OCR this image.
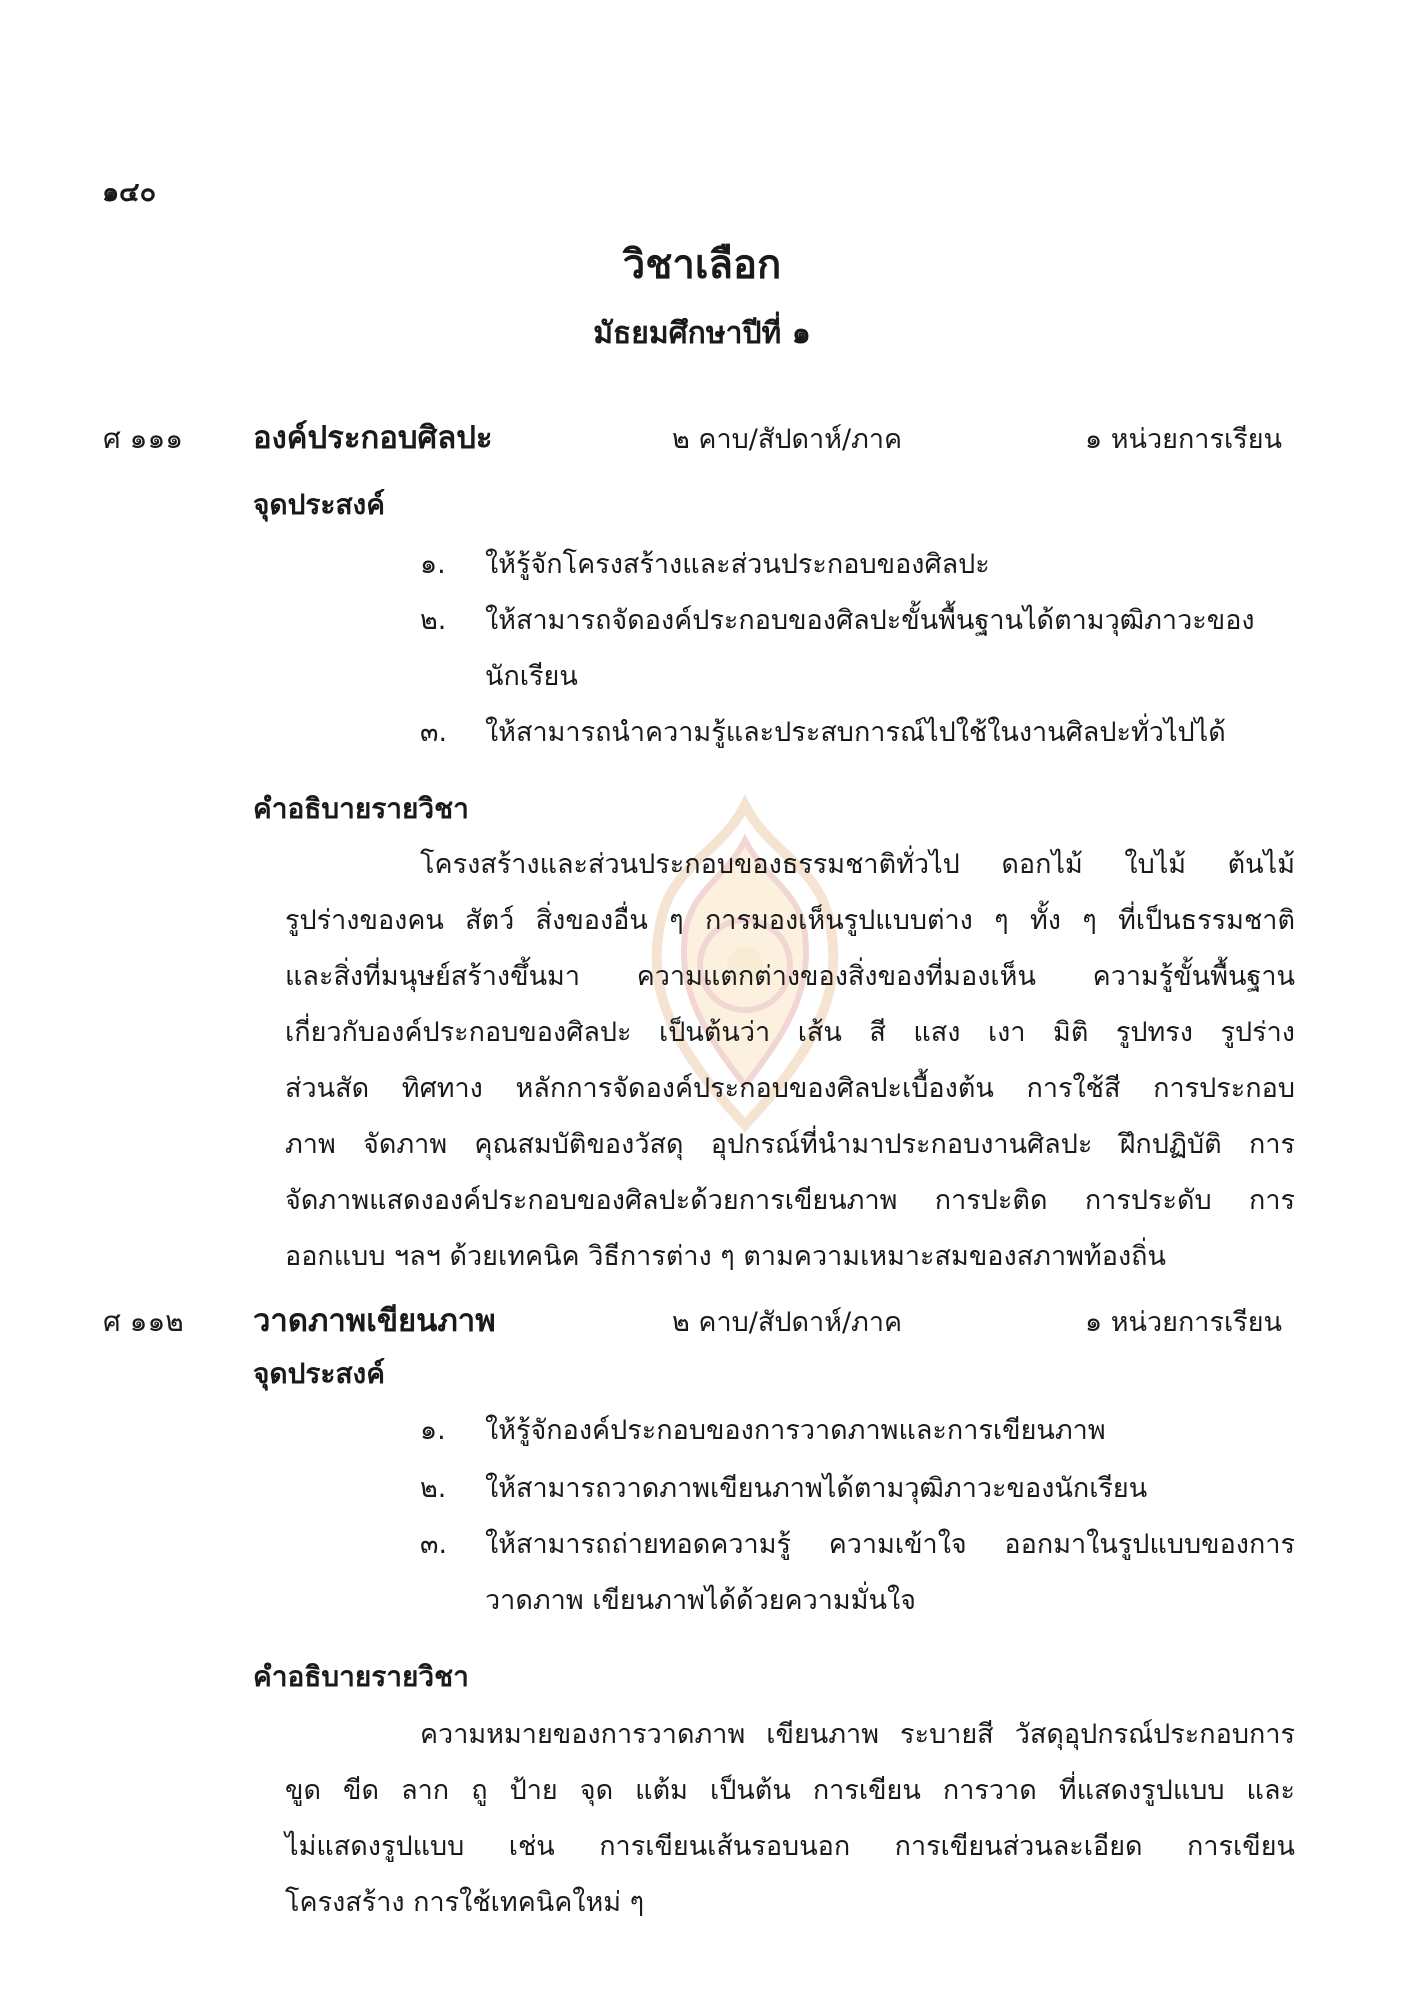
๑๔๐
วิชาเลือก
มัธยมศึกษาปีที่ ๑
ศ ๑๑๑ องค์ประกอบศิลปะ	๒ คาบ/สัปดาห์/ภาค	๑ หน่วยการเรียน
จุดประสงค์
๑. ให้รู้จักโครงสร้างและส่วนประกอบของศิลปะ
๒. ให้สามารถจัดองค์ประกอบของศิลปะขั้นพื้นฐานได้ตามวุฒิภาวะของ
นักเรียน
๓. ให้สามารถนำความรู้และประสบการณ์ไปใช้ในงานศิลปะทั่วไปได้
คำอธิบายรายวิชา
โครงสร้างและส่วนประกอบของธรรมชาติทั่วไป ดอกไม้ ใบไม้ ต้นไม้
รูปร่างของคน สัตว์ สิ่งของอื่น ๆ การมองเห็นรูปแบบต่าง ๆ ทั้ง ๆ ที่เป็นธรรมชาติ
และสิ่งที่มนุษย์สร้างขึ้นมา ความแตกต่างของสิ่งของที่มองเห็น ความรู้ขั้นพื้นฐาน
เกี่ยวกับองค์ประกอบของศิลปะ เป็นต้นว่า เส้น สี แสง เงา มิติ รูปทรง รูปร่าง
ส่วนสัด ทิศทาง หลักการจัดองค์ประกอบของศิลปะเบื้องต้น การใช้สี การประกอบ
ภาพ จัดภาพ คุณสมบัติของวัสดุ อุปกรณ์ที่นำมาประกอบงานศิลปะ ฝึกปฏิบัติ การ
จัดภาพแสดงองค์ประกอบของศิลปะด้วยการเขียนภาพ การปะติด การประดับ การ
ออกแบบ ฯลฯ ด้วยเทคนิค วิธีการต่าง ๆ ตามความเหมาะสมของสภาพท้องถิ่น
ศ ๑๑๒ วาดภาพเขียนภาพ	๒ คาบ/สัปดาห์/ภาค	๑ หน่วยการเรียน
จุดประสงค์
๑. ให้รู้จักองค์ประกอบของการวาดภาพและการเขียนภาพ
๒. ให้สามารถวาดภาพเขียนภาพได้ตามวุฒิภาวะของนักเรียน
๓. ให้สามารถถ่ายทอดความรู้ ความเข้าใจ ออกมาในรูปแบบของการ
วาดภาพ เขียนภาพได้ด้วยความมั่นใจ
คำอธิบายรายวิชา
ความหมายของการวาดภาพ เขียนภาพ ระบายสี วัสดุอุปกรณ์ประกอบการ
ขูด ขีด ลาก ถู ป้าย จุด แต้ม เป็นต้น การเขียน การวาด ที่แสดงรูปแบบ และ
ไม่แสดงรูปแบบ เช่น การเขียนเส้นรอบนอก การเขียนส่วนละเอียด การเขียน
โครงสร้าง การใช้เทคนิคใหม่ ๆ
